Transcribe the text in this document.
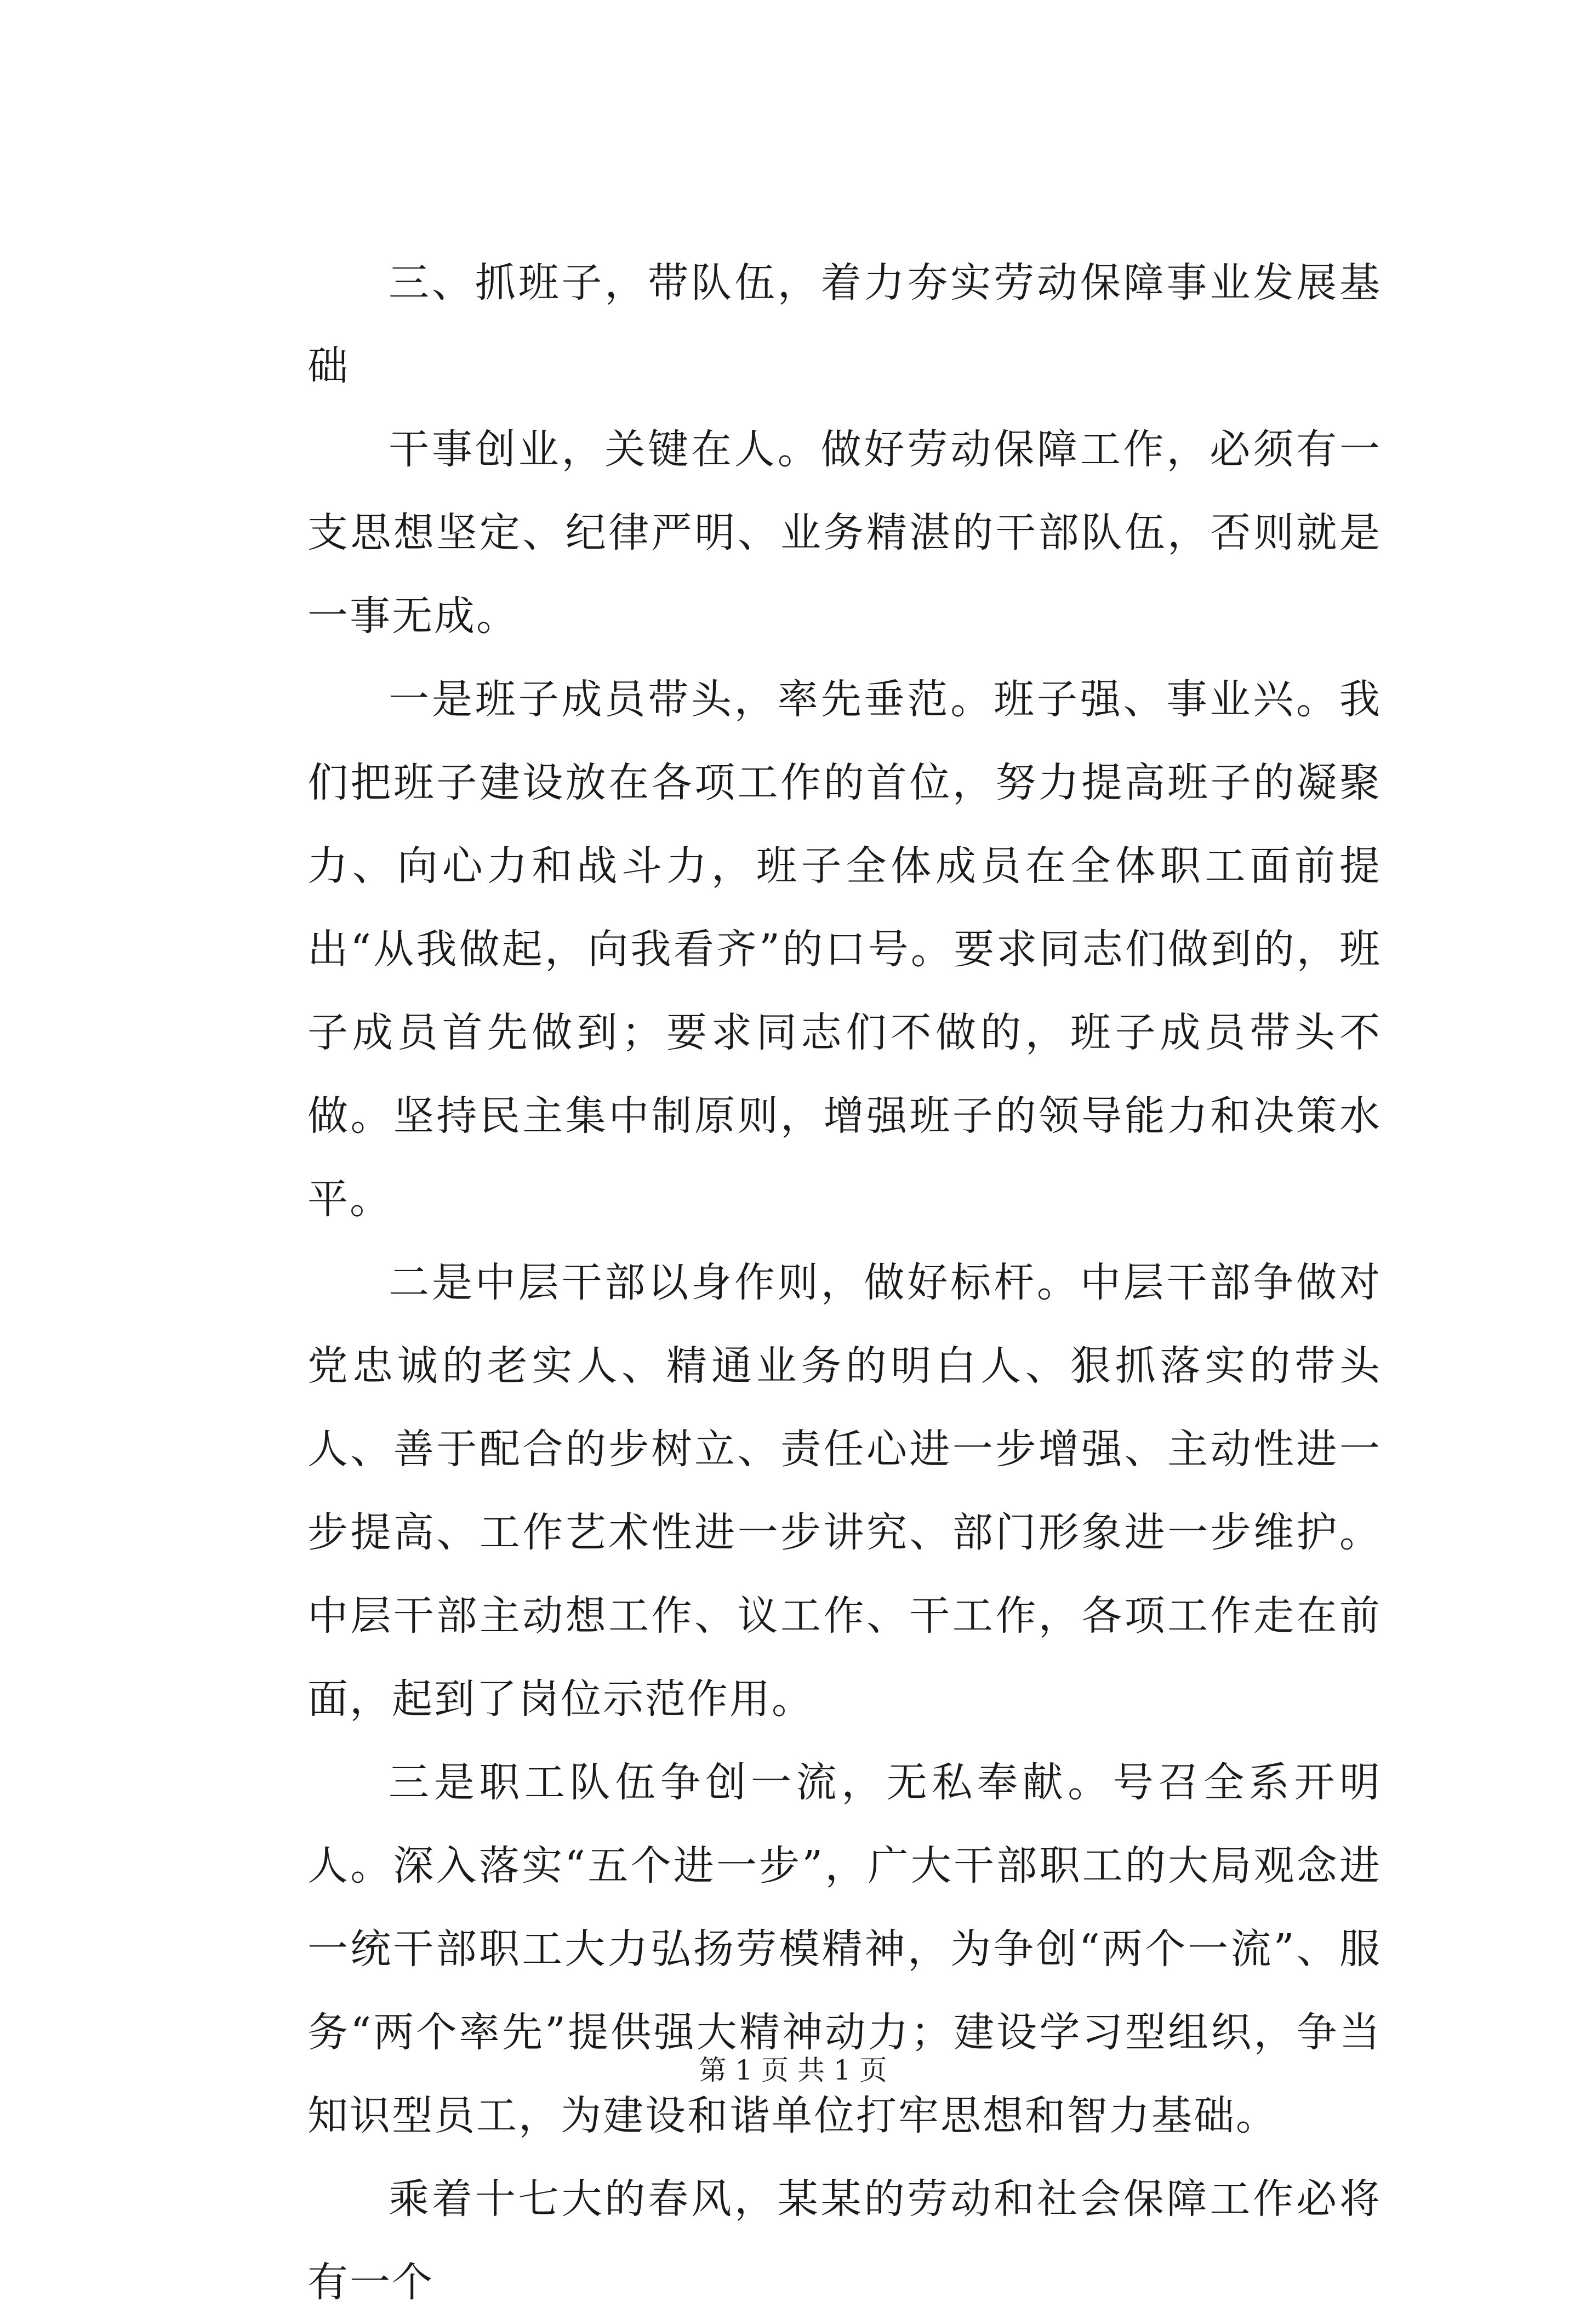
三、抓班子，带队伍，着力夯实劳动保障事业发展基础

干事创业，关键在人。做好劳动保障工作，必须有一支思想坚定、纪律严明、业务精湛的干部队伍，否则就是一事无成。

一是班子成员带头，率先垂范。班子强、事业兴。我们把班子建设放在各项工作的首位，努力提高班子的凝聚力、向心力和战斗力，班子全体成员在全体职工面前提出“从我做起，向我看齐”的口号。要求同志们做到的，班子成员首先做到；要求同志们不做的，班子成员带头不做。坚持民主集中制原则，增强班子的领导能力和决策水平。

二是中层干部以身作则，做好标杆。中层干部争做对党忠诚的老实人、精通业务的明白人、狠抓落实的带头人、善于配合的步树立、责任心进一步增强、主动性进一步提高、工作艺术性进一步讲究、部门形象进一步维护。中层干部主动想工作、议工作、干工作，各项工作走在前面，起到了岗位示范作用。

三是职工队伍争创一流，无私奉献。号召全系开明人。深入落实“五个进一步”，广大干部职工的大局观念进一统干部职工大力弘扬劳模精神，为争创“两个一流”、服务“两个率先”提供强大精神动力；建设学习型组织，争当知识型员工，为建设和谐单位打牢思想和智力基础。

乘着十七大的春风，某某的劳动和社会保障工作必将有一个

第 1 页 共 1 页
